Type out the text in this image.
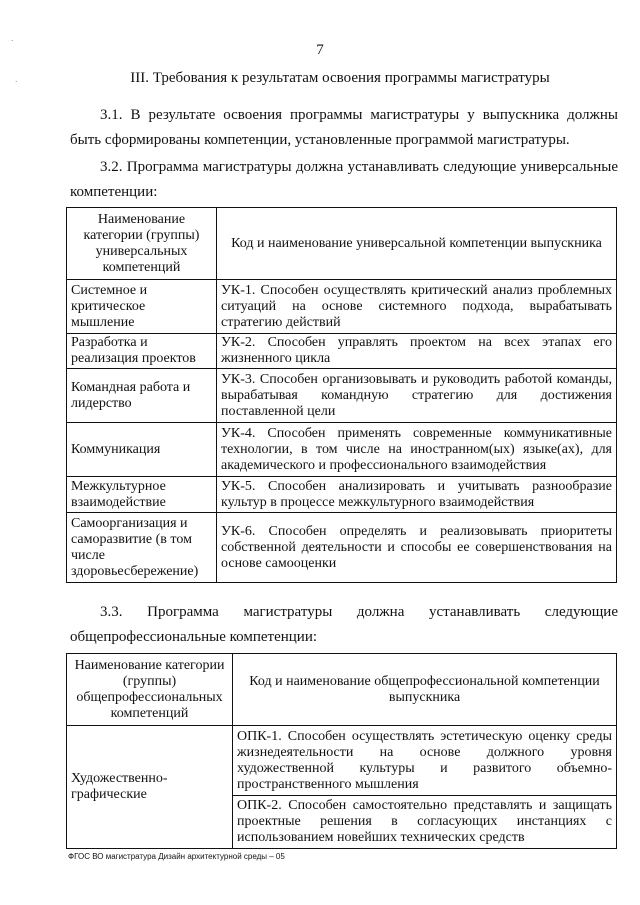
·
·
7
III. Требования к результатам освоения программы магистратуры

3.1. В результате освоения программы магистратуры у выпускника должны быть сформированы компетенции, установленные программой магистратуры.

3.2. Программа магистратуры должна устанавливать следующие универсальные компетенции:

Наименование категории (группы) универсальных компетенций	Код и наименование универсальной компетенции выпускника
Системное и критическое мышление	УК-1. Способен осуществлять критический анализ проблемных ситуаций на основе системного подхода, вырабатывать стратегию действий
Разработка и реализация проектов	УК-2. Способен управлять проектом на всех этапах его жизненного цикла
Командная работа и лидерство	УК-3. Способен организовывать и руководить работой команды, вырабатывая командную стратегию для достижения поставленной цели
Коммуникация	УК-4. Способен применять современные коммуникативные технологии, в том числе на иностранном(ых) языке(ах), для академического и профессионального взаимодействия
Межкультурное взаимодействие	УК-5. Способен анализировать и учитывать разнообразие культур в процессе межкультурного взаимодействия
Самоорганизация и саморазвитие (в том числе здоровьесбережение)	УК-6. Способен определять и реализовывать приоритеты собственной деятельности и способы ее совершенствования на основе самооценки
3.3. Программа магистратуры должна устанавливать следующие
общепрофессиональные компетенции:
Наименование категории (группы) общепрофессиональных компетенций	Код и наименование общепрофессиональной компетенции выпускника
Художественно-графические	ОПК-1. Способен осуществлять эстетическую оценку среды жизнедеятельности на основе должного уровня художественной культуры и развитого объемно-пространственного мышления
	ОПК-2. Способен самостоятельно представлять и защищать проектные решения в согласующих инстанциях с использованием новейших технических средств
ФГОС ВО магистратура Дизайн архитектурной среды – 05
